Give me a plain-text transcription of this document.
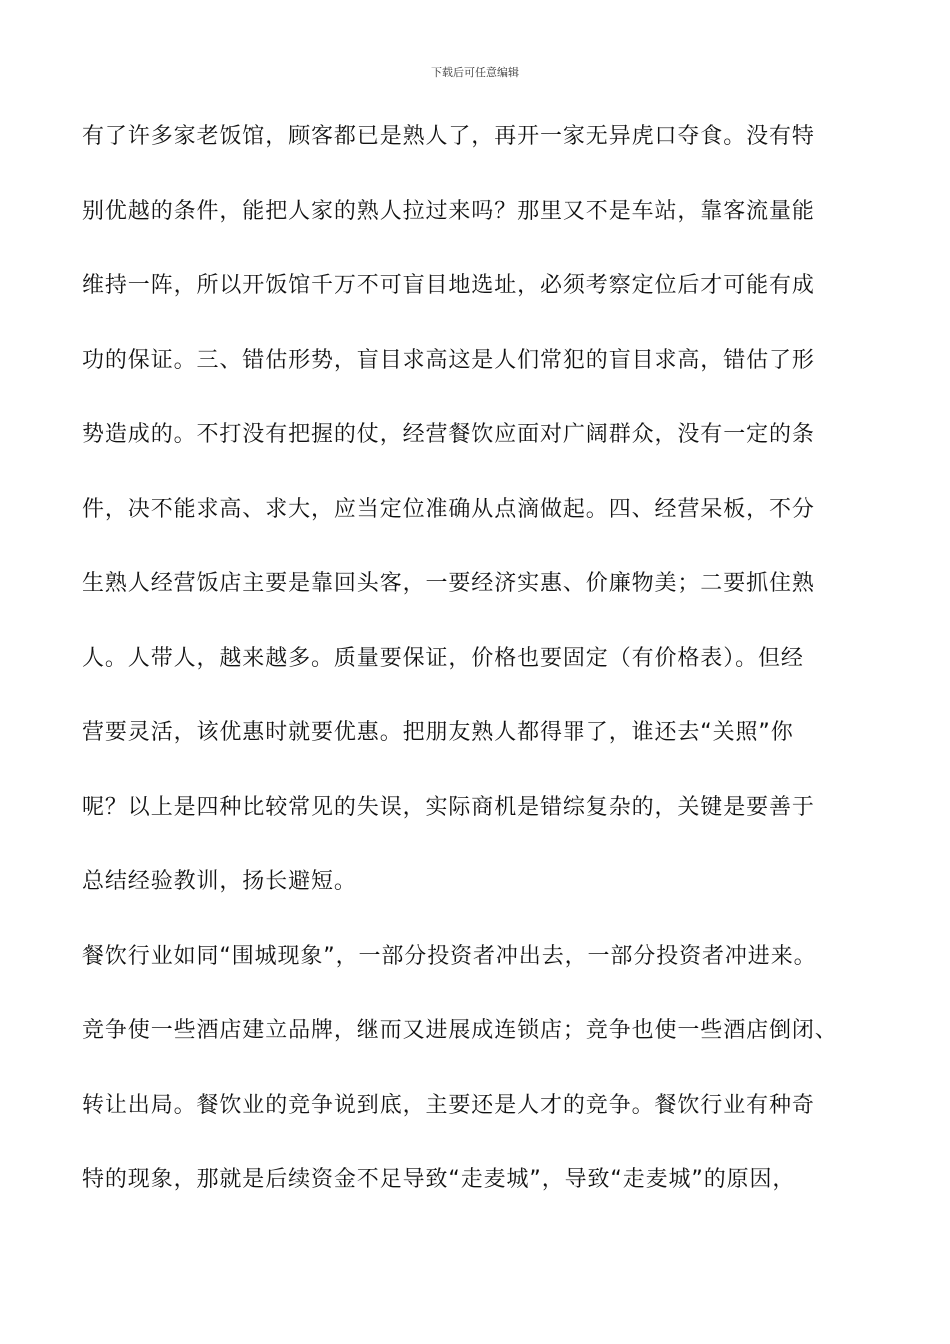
下载后可任意编辑
有了许多家老饭馆，顾客都已是熟人了，再开一家无异虎口夺食。没有特
别优越的条件，能把人家的熟人拉过来吗？那里又不是车站，靠客流量能
维持一阵，所以开饭馆千万不可盲目地选址，必须考察定位后才可能有成
功的保证。三、错估形势，盲目求高这是人们常犯的盲目求高，错估了形
势造成的。不打没有把握的仗，经营餐饮应面对广阔群众，没有一定的条
件，决不能求高、求大，应当定位准确从点滴做起。四、经营呆板，不分
生熟人经营饭店主要是靠回头客，一要经济实惠、价廉物美；二要抓住熟
人。人带人，越来越多。质量要保证，价格也要固定（有价格表）。但经
营要灵活，该优惠时就要优惠。把朋友熟人都得罪了，谁还去“关照”你
呢？以上是四种比较常见的失误，实际商机是错综复杂的，关键是要善于
总结经验教训，扬长避短。
餐饮行业如同“围城现象”，一部分投资者冲出去，一部分投资者冲进来。
竞争使一些酒店建立品牌，继而又进展成连锁店；竞争也使一些酒店倒闭、
转让出局。餐饮业的竞争说到底，主要还是人才的竞争。餐饮行业有种奇
特的现象，那就是后续资金不足导致“走麦城”，导致“走麦城”的原因，
